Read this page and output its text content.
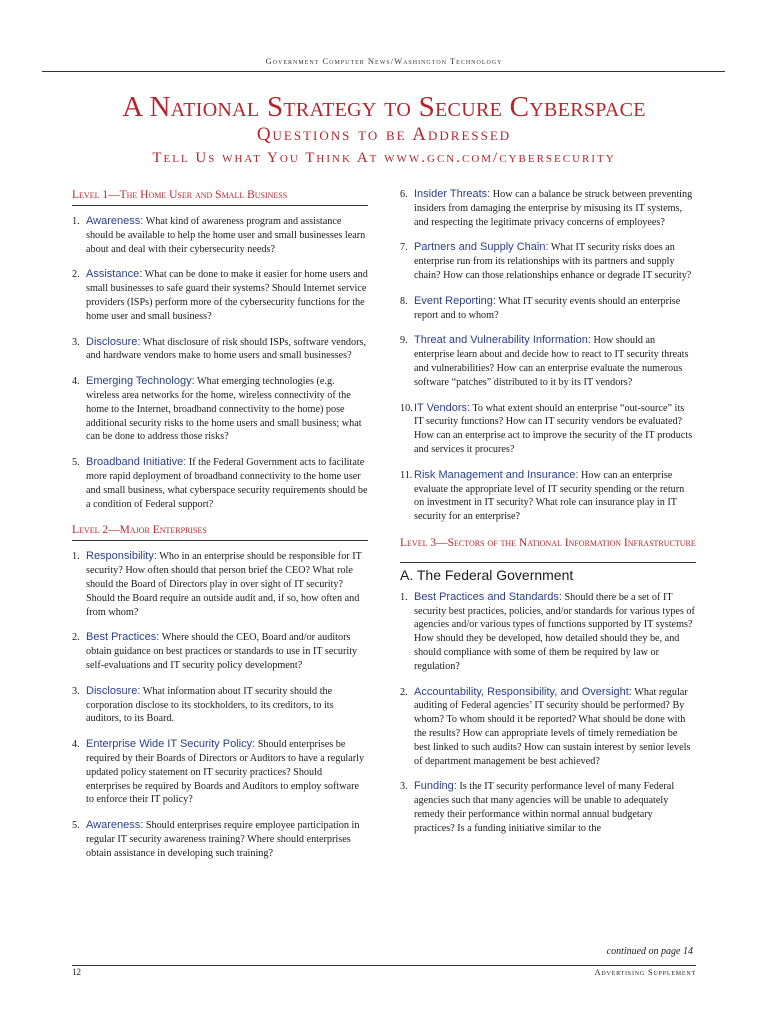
Government Computer News/Washington Technology
A National Strategy to Secure Cyberspace
Questions to be Addressed
Tell Us what You Think At www.gcn.com/cybersecurity
Level 1—The Home User and Small Business
1. Awareness: What kind of awareness program and assistance should be available to help the home user and small businesses learn about and deal with their cybersecurity needs?
2. Assistance: What can be done to make it easier for home users and small businesses to safe guard their systems? Should Internet service providers (ISPs) perform more of the cybersecurity functions for the home user and small business?
3. Disclosure: What disclosure of risk should ISPs, software vendors, and hardware vendors make to home users and small businesses?
4. Emerging Technology: What emerging technologies (e.g. wireless area networks for the home, wireless connectivity of the home to the Internet, broadband connectivity to the home) pose additional security risks to the home users and small business; what can be done to address those risks?
5. Broadband Initiative: If the Federal Government acts to facilitate more rapid deployment of broadband connectivity to the home user and small business, what cyberspace security requirements should be a condition of Federal support?
Level 2—Major Enterprises
1. Responsibility: Who in an enterprise should be responsible for IT security? How often should that person brief the CEO? What role should the Board of Directors play in over sight of IT security? Should the Board require an outside audit and, if so, how often and from whom?
2. Best Practices: Where should the CEO, Board and/or auditors obtain guidance on best practices or standards to use in IT security self-evaluations and IT security policy development?
3. Disclosure: What information about IT security should the corporation disclose to its stockholders, to its creditors, to its auditors, to its Board.
4. Enterprise Wide IT Security Policy: Should enterprises be required by their Boards of Directors or Auditors to have a regularly updated policy statement on IT security practices? Should enterprises be required by Boards and Auditors to employ software to enforce their IT policy?
5. Awareness: Should enterprises require employee participation in regular IT security awareness training? Where should enterprises obtain assistance in developing such training?
6. Insider Threats: How can a balance be struck between preventing insiders from damaging the enterprise by misusing its IT systems, and respecting the legitimate privacy concerns of employees?
7. Partners and Supply Chain: What IT security risks does an enterprise run from its relationships with its partners and supply chain? How can those relationships enhance or degrade IT security?
8. Event Reporting: What IT security events should an enterprise report and to whom?
9. Threat and Vulnerability Information: How should an enterprise learn about and decide how to react to IT security threats and vulnerabilities? How can an enterprise evaluate the numerous software “patches” distributed to it by its IT vendors?
10. IT Vendors: To what extent should an enterprise “out-source” its IT security functions? How can IT security vendors be evaluated? How can an enterprise act to improve the security of the IT products and services it procures?
11. Risk Management and Insurance: How can an enterprise evaluate the appropriate level of IT security spending or the return on investment in IT security? What role can insurance play in IT security for an enterprise?
Level 3—Sectors of the National Information Infrastructure
A. The Federal Government
1. Best Practices and Standards: Should there be a set of IT security best practices, policies, and/or standards for various types of agencies and/or various types of functions supported by IT systems? How should they be developed, how detailed should they be, and should compliance with some of them be required by law or regulation?
2. Accountability, Responsibility, and Oversight: What regular auditing of Federal agencies’ IT security should be performed? By whom? To whom should it be reported? What should be done with the results? How can appropriate levels of timely remediation be best linked to such audits? How can sustain interest by senior levels of department management be best achieved?
3. Funding: Is the IT security performance level of many Federal agencies such that many agencies will be unable to adequately remedy their performance within normal annual budgetary practices? Is a funding initiative similar to the
continued on page 14
12	Advertising Supplement
